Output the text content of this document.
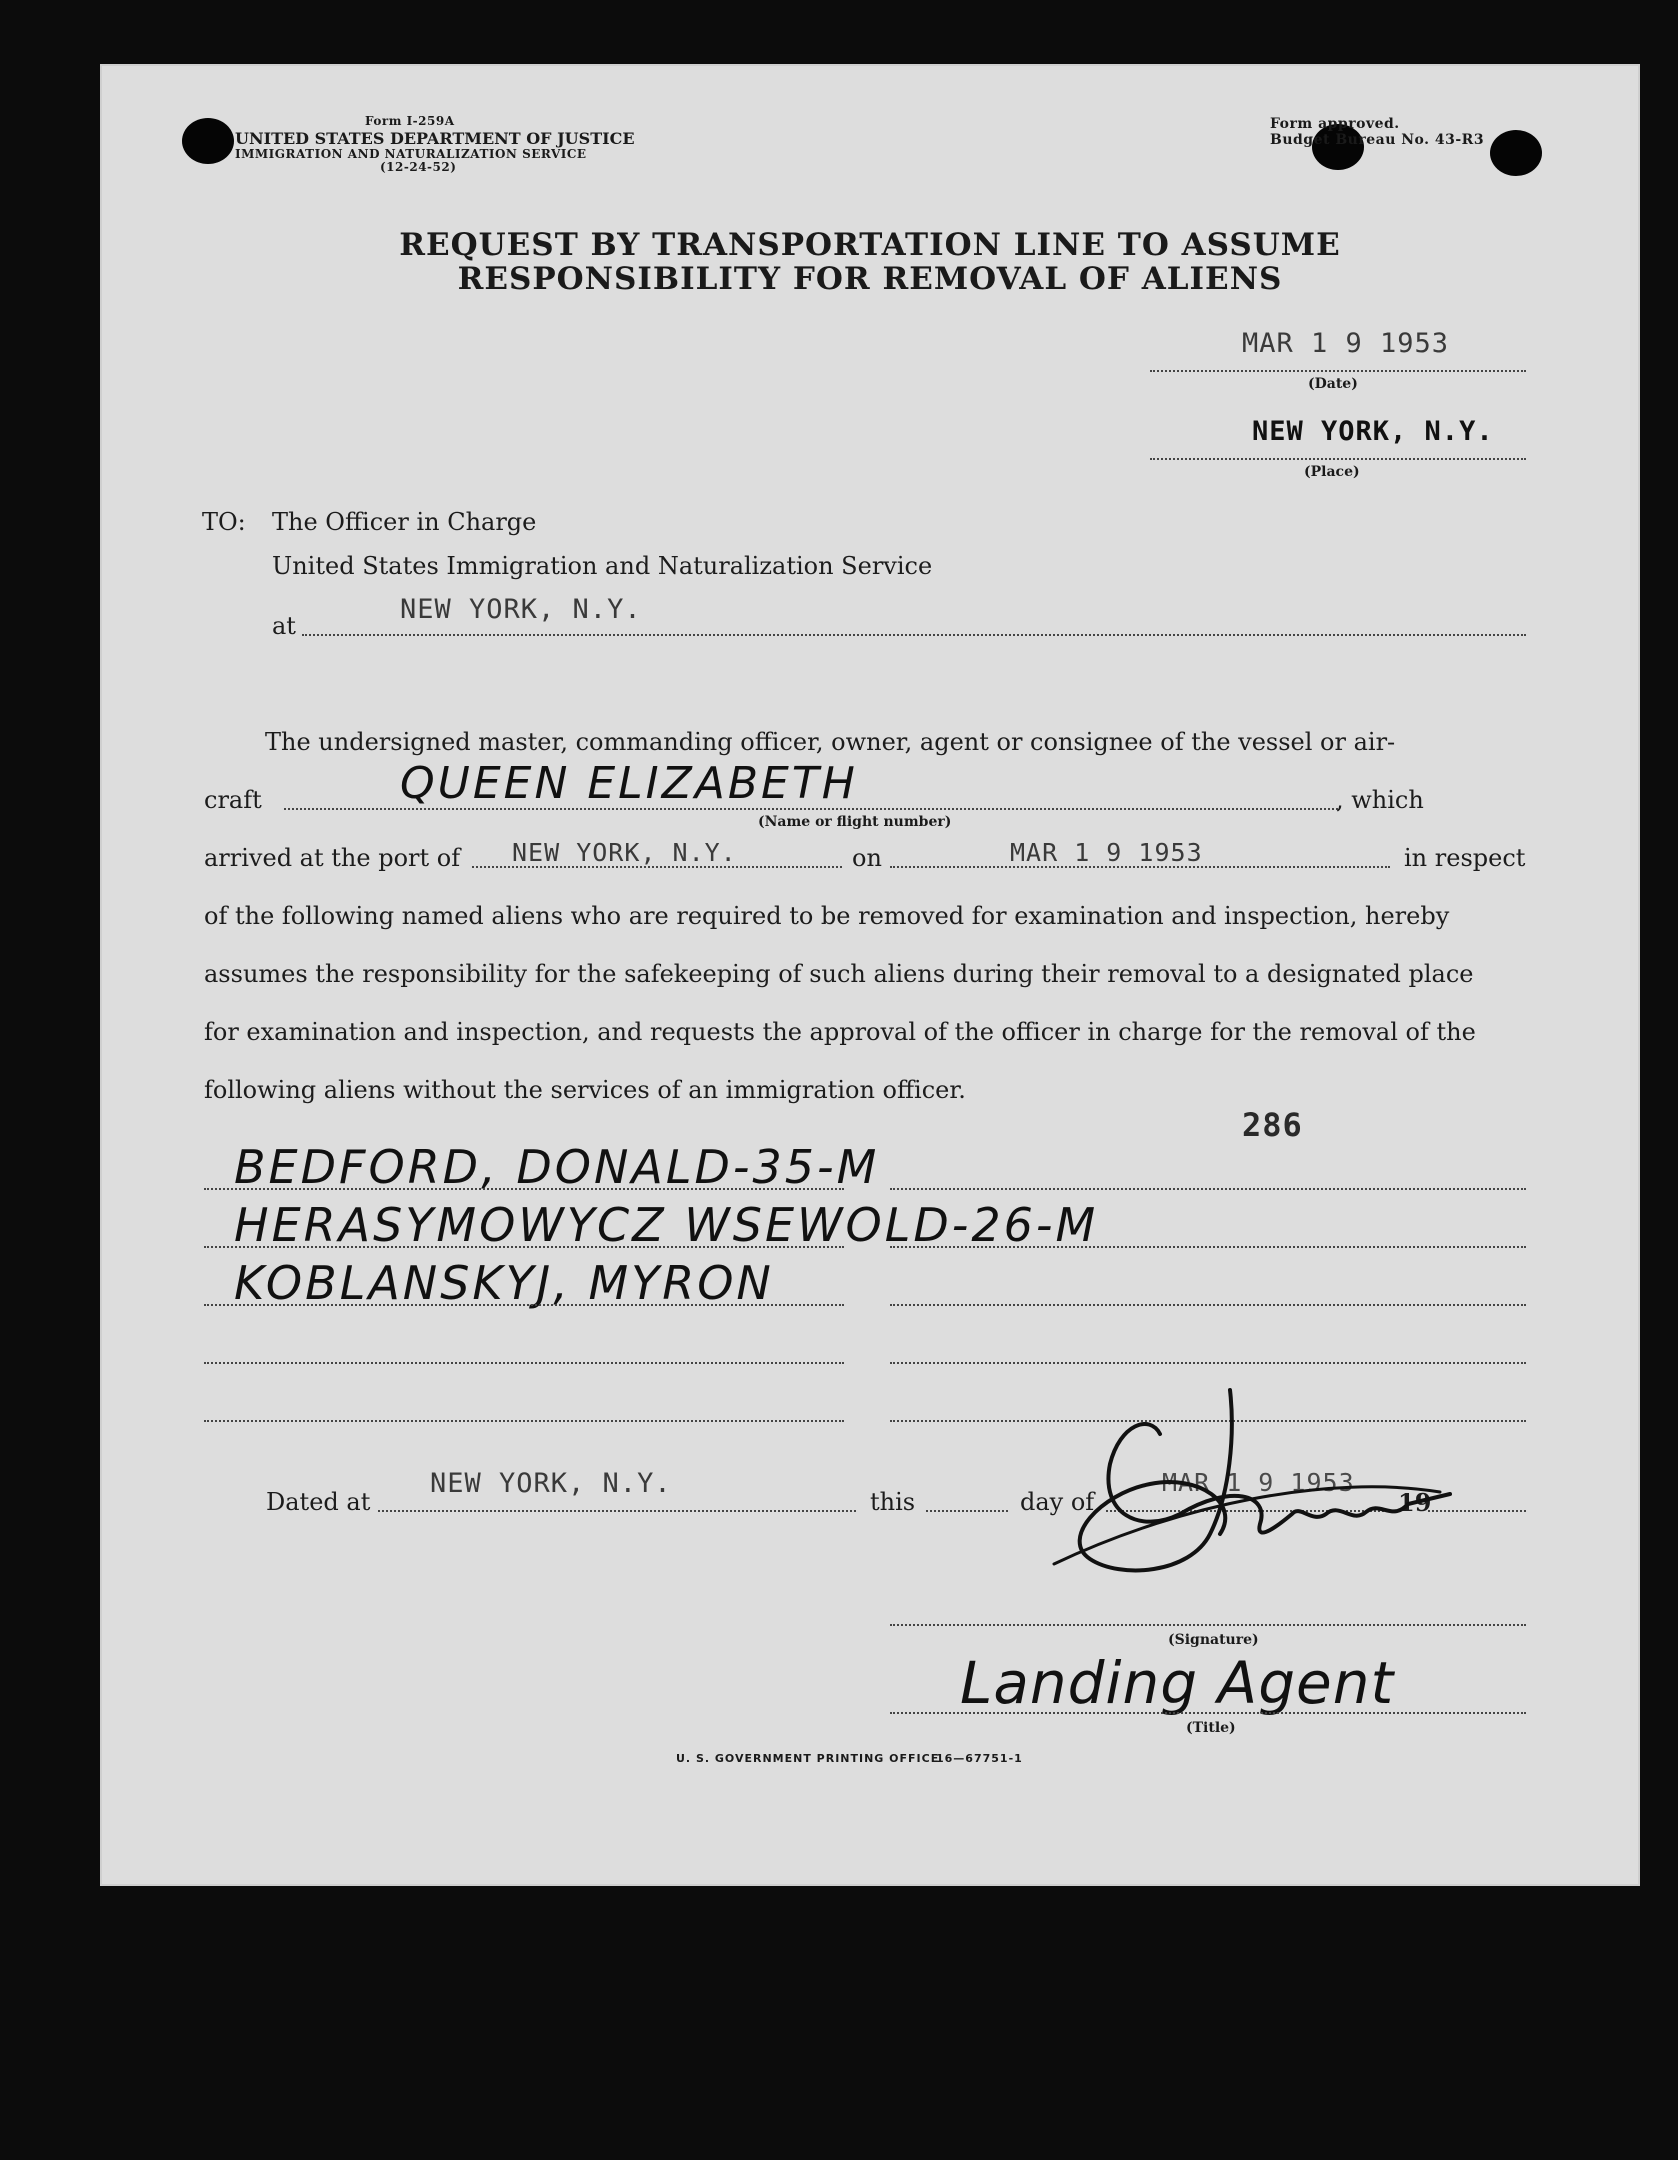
Form I-259A
UNITED STATES DEPARTMENT OF JUSTICE
IMMIGRATION AND NATURALIZATION SERVICE
(12-24-52)
Form approved.
Budget Bureau No. 43-R3
REQUEST BY TRANSPORTATION LINE TO ASSUME
RESPONSIBILITY FOR REMOVAL OF ALIENS
MAR 1 9 1953
(Date)
NEW YORK, N.Y.
(Place)
TO: The Officer in Charge
United States Immigration and Naturalization Service
at
NEW YORK, N.Y.
The undersigned master, commanding officer, owner, agent or consignee of the vessel or air-
craft	QUEEN ELIZABETH	, which
(Name or flight number)
arrived at the port of NEW YORK, N.Y.	on	MAR 1 9 1953	in respect
of the following named aliens who are required to be removed for examination and inspection, hereby
assumes the responsibility for the safekeeping of such aliens during their removal to a designated place
for examination and inspection, and requests the approval of the officer in charge for the removal of the
following aliens without the services of an immigration officer.
286
BEDFORD, DONALD-35-M
HERASYMOWYCZ WSEWOLD-26-M
KOBLANSKYJ, MYRON
Dated at
NEW YORK, N.Y.
this	day of
MAR 1 9 1953
19
(Signature)
Landing Agent
(Title)
U. S. GOVERNMENT PRINTING OFFICE
16—67751-1
